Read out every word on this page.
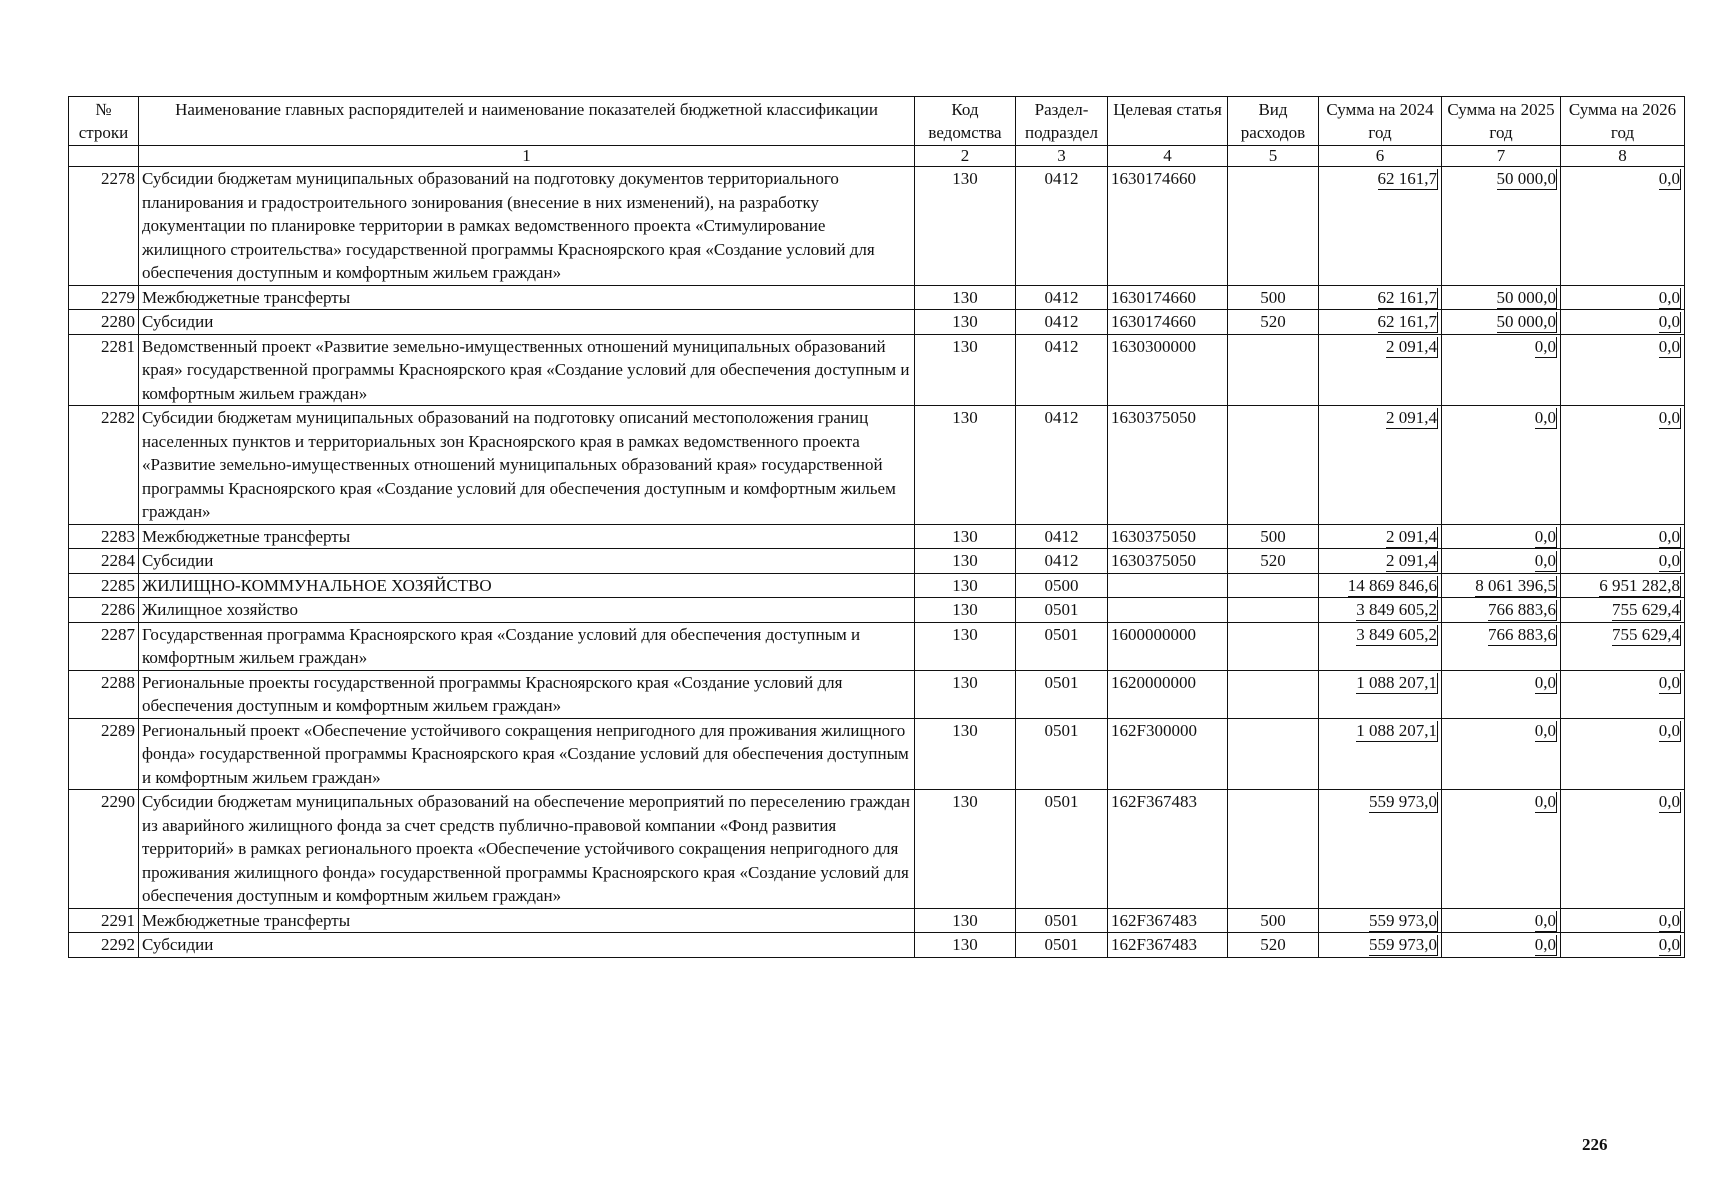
№ строки	Наименование главных распорядителей и наименование показателей бюджетной классификации	Код ведомства	Раздел-подраздел	Целевая статья	Вид расходов	Сумма на 2024 год	Сумма на 2025 год	Сумма на 2026 год
	1	2	3	4	5	6	7	8
2278	Субсидии бюджетам муниципальных образований на подготовку документов территориального планирования и градостроительного зонирования (внесение в них изменений), на разработку документации по планировке территории в рамках ведомственного проекта «Стимулирование жилищного строительства» государственной программы Красноярского края «Создание условий для обеспечения доступным и комфортным жильем граждан»	130	0412	1630174660		62 161,7	50 000,0	0,0
2279	Межбюджетные трансферты	130	0412	1630174660	500	62 161,7	50 000,0	0,0
2280	Субсидии	130	0412	1630174660	520	62 161,7	50 000,0	0,0
2281	Ведомственный проект «Развитие земельно-имущественных отношений муниципальных образований края» государственной программы Красноярского края «Создание условий для обеспечения доступным и комфортным жильем граждан»	130	0412	1630300000		2 091,4	0,0	0,0
2282	Субсидии бюджетам муниципальных образований на подготовку описаний местоположения границ населенных пунктов и территориальных зон Красноярского края в рамках ведомственного проекта «Развитие земельно-имущественных отношений муниципальных образований края» государственной программы Красноярского края «Создание условий для обеспечения доступным и комфортным жильем граждан»	130	0412	1630375050		2 091,4	0,0	0,0
2283	Межбюджетные трансферты	130	0412	1630375050	500	2 091,4	0,0	0,0
2284	Субсидии	130	0412	1630375050	520	2 091,4	0,0	0,0
2285	ЖИЛИЩНО-КОММУНАЛЬНОЕ ХОЗЯЙСТВО	130	0500			14 869 846,6	8 061 396,5	6 951 282,8
2286	Жилищное хозяйство	130	0501			3 849 605,2	766 883,6	755 629,4
2287	Государственная программа Красноярского края «Создание условий для обеспечения доступным и комфортным жильем граждан»	130	0501	1600000000		3 849 605,2	766 883,6	755 629,4
2288	Региональные проекты государственной программы Красноярского края «Создание условий для обеспечения доступным и комфортным жильем граждан»	130	0501	1620000000		1 088 207,1	0,0	0,0
2289	Региональный проект «Обеспечение устойчивого сокращения непригодного для проживания жилищного фонда» государственной программы Красноярского края «Создание условий для обеспечения доступным и комфортным жильем граждан»	130	0501	162F300000		1 088 207,1	0,0	0,0
2290	Субсидии бюджетам муниципальных образований на обеспечение мероприятий по переселению граждан из аварийного жилищного фонда за счет средств публично-правовой компании «Фонд развития территорий» в рамках регионального проекта «Обеспечение устойчивого сокращения непригодного для проживания жилищного фонда» государственной программы Красноярского края «Создание условий для обеспечения доступным и комфортным жильем граждан»	130	0501	162F367483		559 973,0	0,0	0,0
2291	Межбюджетные трансферты	130	0501	162F367483	500	559 973,0	0,0	0,0
2292	Субсидии	130	0501	162F367483	520	559 973,0	0,0	0,0
226
